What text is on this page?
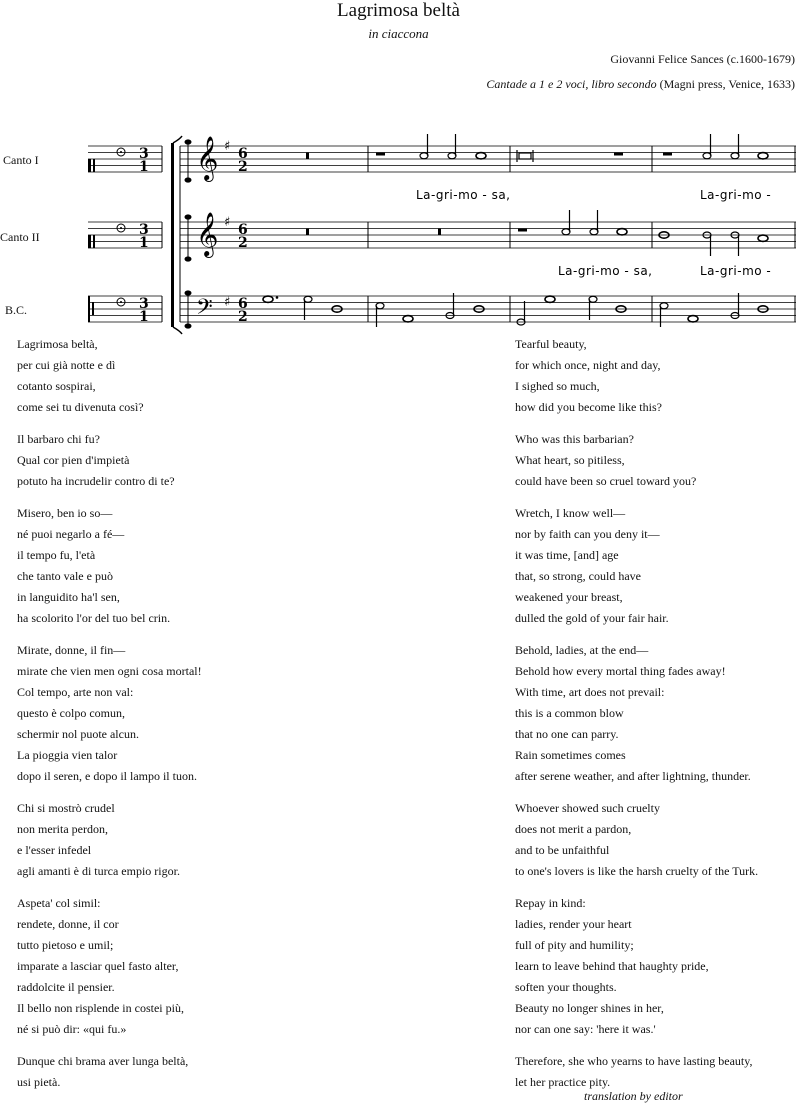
Lagrimosa beltà
in ciaccona
Giovanni Felice Sances (c.1600-1679)
Cantade a 1 e 2 voci, libro secondo (Magni press, Venice, 1633)
Canto I
Canto II
B.C.
3
1
3
1
3
1
𝄞
𝄞
𝄢
♯
♯
♯
6
2
6
2
6
2
La-gri-mo - sa,	La-gri-mo -
La-gri-mo - sa,	La-gri-mo -
Lagrimosa beltà,
per cui già notte e dì
cotanto sospirai,
come sei tu divenuta così?
Il barbaro chi fu?
Qual cor pien d'impietà
potuto ha incrudelir contro di te?
Misero, ben io so—
né puoi negarlo a fé—
il tempo fu, l'età
che tanto vale e può
in languidito ha'l sen,
ha scolorito l'or del tuo bel crin.
Mirate, donne, il fin—
mirate che vien men ogni cosa mortal!
Col tempo, arte non val:
questo è colpo comun,
schermir nol puote alcun.
La pioggia vien talor
dopo il seren, e dopo il lampo il tuon.
Chi si mostrò crudel
non merita perdon,
e l'esser infedel
agli amanti è di turca empio rigor.
Aspeta' col simil:
rendete, donne, il cor
tutto pietoso e umil;
imparate a lasciar quel fasto alter,
raddolcite il pensier.
Il bello non risplende in costei più,
né si può dir: «qui fu.»
Dunque chi brama aver lunga beltà,
usi pietà.
Tearful beauty,
for which once, night and day,
I sighed so much,
how did you become like this?
Who was this barbarian?
What heart, so pitiless,
could have been so cruel toward you?
Wretch, I know well—
nor by faith can you deny it—
it was time, [and] age
that, so strong, could have
weakened your breast,
dulled the gold of your fair hair.
Behold, ladies, at the end—
Behold how every mortal thing fades away!
With time, art does not prevail:
this is a common blow
that no one can parry.
Rain sometimes comes
after serene weather, and after lightning, thunder.
Whoever showed such cruelty
does not merit a pardon,
and to be unfaithful
to one's lovers is like the harsh cruelty of the Turk.
Repay in kind:
ladies, render your heart
full of pity and humility;
learn to leave behind that haughty pride,
soften your thoughts.
Beauty no longer shines in her,
nor can one say: 'here it was.'
Therefore, she who yearns to have lasting beauty,
let her practice pity.
translation by editor
